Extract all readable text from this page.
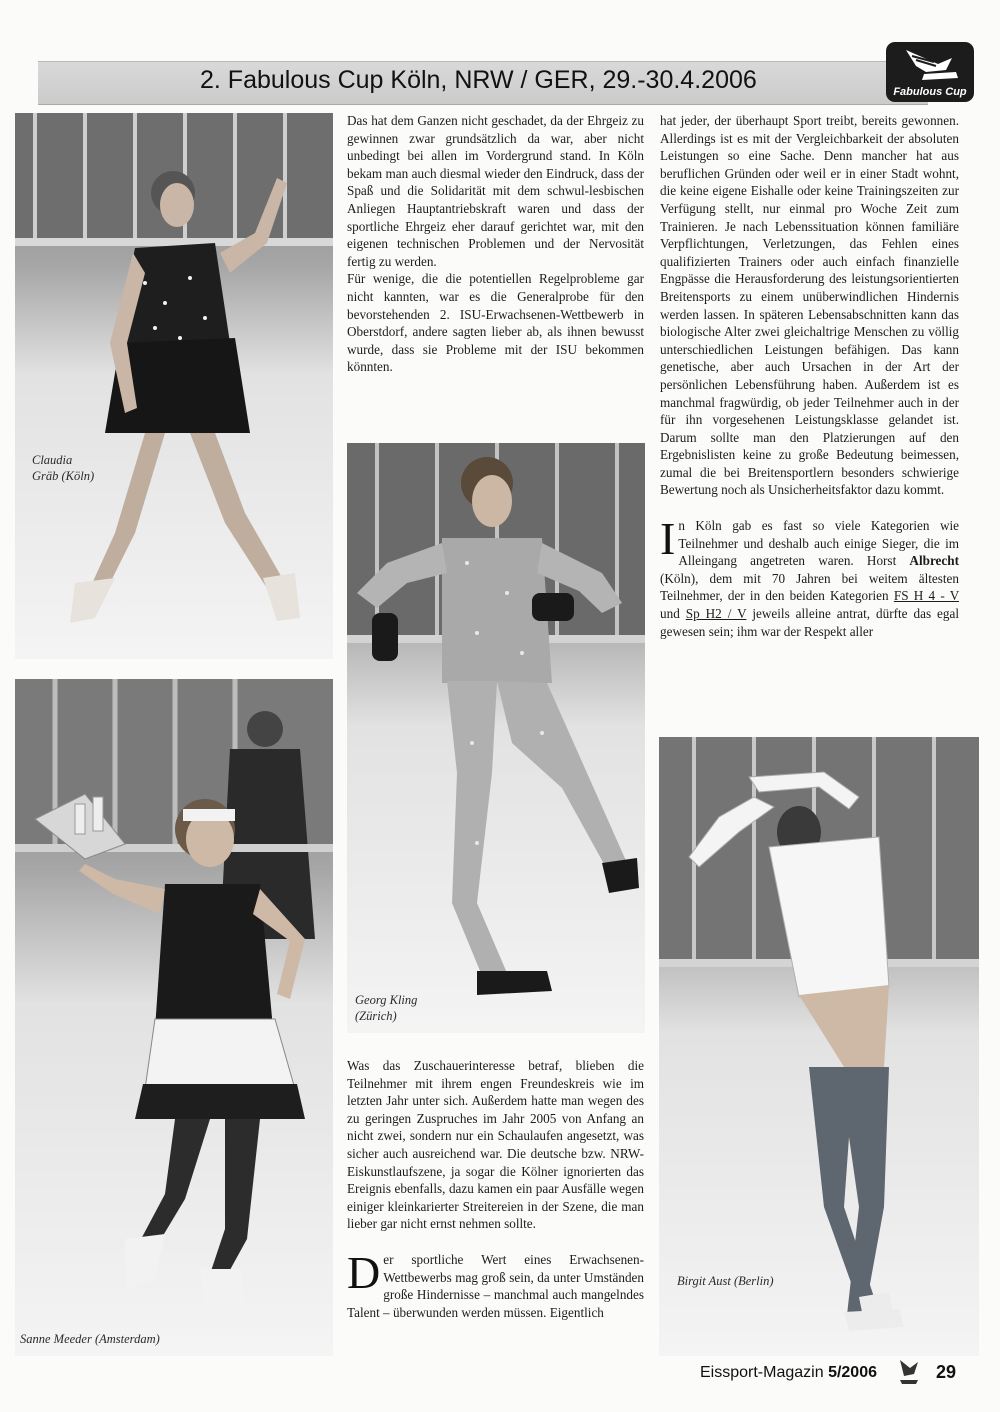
2. Fabulous Cup Köln, NRW / GER, 29.-30.4.2006	Fabulous Cup
Claudia
Gräb (Köln)
Sanne Meeder (Amsterdam)
Georg Kling
(Zürich)
Birgit Aust (Berlin)

Das hat dem Ganzen nicht geschadet, da der Ehrgeiz zu gewinnen zwar grundsätzlich da war, aber nicht unbedingt bei allen im Vordergrund stand. In Köln bekam man auch diesmal wieder den Eindruck, dass der Spaß und die Solidarität mit dem schwul-lesbischen Anliegen Hauptantriebskraft waren und dass der sportliche Ehrgeiz eher darauf gerichtet war, mit den eigenen technischen Problemen und der Nervosität fertig zu werden.

Für wenige, die die potentiellen Regelprobleme gar nicht kannten, war es die Generalprobe für den bevorstehenden 2. ISU-Erwachsenen-Wettbewerb in Oberstdorf, andere sagten lieber ab, als ihnen bewusst wurde, dass sie Probleme mit der ISU bekommen könnten.

Was das Zuschauerinteresse betraf, blieben die Teilnehmer mit ihrem engen Freundeskreis wie im letzten Jahr unter sich. Außerdem hatte man wegen des zu geringen Zuspruches im Jahr 2005 von Anfang an nicht zwei, sondern nur ein Schaulaufen angesetzt, was sicher auch ausreichend war. Die deutsche bzw. NRW-Eiskunstlaufszene, ja sogar die Kölner ignorierten das Ereignis ebenfalls, dazu kamen ein paar Ausfälle wegen einiger kleinkarierter Streitereien in der Szene, die man lieber gar nicht ernst nehmen sollte.

Der sportliche Wert eines Erwachsenen-Wettbewerbs mag groß sein, da unter Umständen große Hindernisse – manchmal auch mangelndes Talent – überwunden werden müssen. Eigentlich

hat jeder, der überhaupt Sport treibt, bereits gewonnen. Allerdings ist es mit der Vergleichbarkeit der absoluten Leistungen so eine Sache. Denn mancher hat aus beruflichen Gründen oder weil er in einer Stadt wohnt, die keine eigene Eishalle oder keine Trainingszeiten zur Verfügung stellt, nur einmal pro Woche Zeit zum Trainieren. Je nach Lebenssituation können familiäre Verpflichtungen, Verletzungen, das Fehlen eines qualifizierten Trainers oder auch einfach finanzielle Engpässe die Herausforderung des leistungsorientierten Breitensports zu einem unüberwindlichen Hindernis werden lassen. In späteren Lebensabschnitten kann das biologische Alter zwei gleichaltrige Menschen zu völlig unterschiedlichen Leistungen befähigen. Das kann genetische, aber auch Ursachen in der Art der persönlichen Lebensführung haben. Außerdem ist es manchmal fragwürdig, ob jeder Teilnehmer auch in der für ihn vorgesehenen Leistungsklasse gelandet ist. Darum sollte man den Platzierungen auf den Ergebnislisten keine zu große Bedeutung beimessen, zumal die bei Breitensportlern besonders schwierige Bewertung noch als Unsicherheitsfaktor dazu kommt.

In Köln gab es fast so viele Kategorien wie Teilnehmer und deshalb auch einige Sieger, die im Alleingang angetreten waren. Horst Albrecht (Köln), dem mit 70 Jahren bei weitem ältesten Teilnehmer, der in den beiden Kategorien FS H 4 - V und Sp H2 / V jeweils alleine antrat, dürfte das egal gewesen sein; ihm war der Respekt aller

Eissport-Magazin 5/2006	29
